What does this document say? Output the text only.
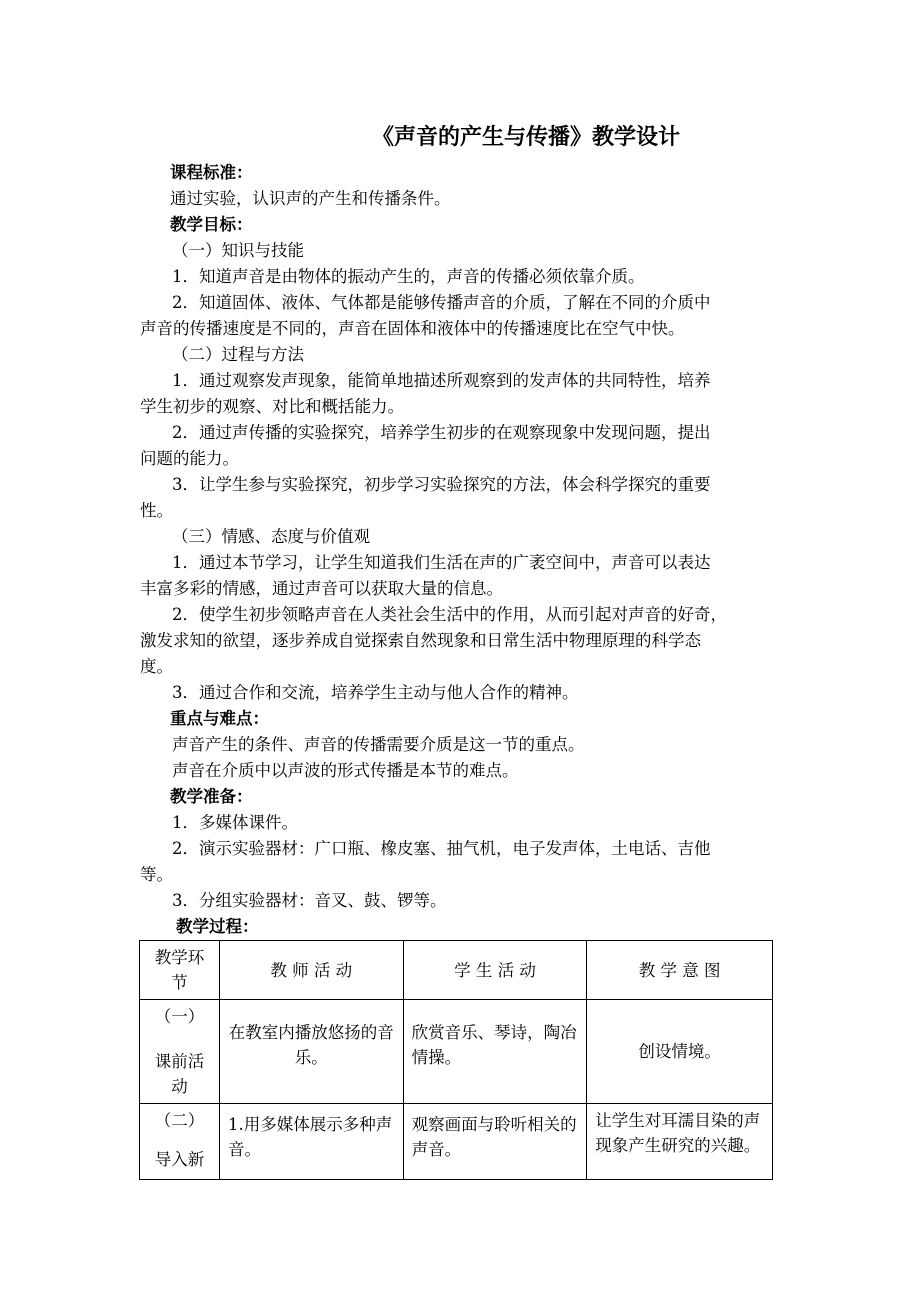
《声音的产生与传播》教学设计
课程标准：
通过实验，认识声的产生和传播条件。
教学目标：
（一）知识与技能
1．知道声音是由物体的振动产生的，声音的传播必须依靠介质。
2．知道固体、液体、气体都是能够传播声音的介质，了解在不同的介质中
声音的传播速度是不同的，声音在固体和液体中的传播速度比在空气中快。
（二）过程与方法
1．通过观察发声现象，能简单地描述所观察到的发声体的共同特性，培养
学生初步的观察、对比和概括能力。
2．通过声传播的实验探究，培养学生初步的在观察现象中发现问题，提出
问题的能力。
3．让学生参与实验探究，初步学习实验探究的方法，体会科学探究的重要
性。
（三）情感、态度与价值观
1．通过本节学习，让学生知道我们生活在声的广袤空间中，声音可以表达
丰富多彩的情感，通过声音可以获取大量的信息。
2．使学生初步领略声音在人类社会生活中的作用，从而引起对声音的好奇，
激发求知的欲望，逐步养成自觉探索自然现象和日常生活中物理原理的科学态
度。
3．通过合作和交流，培养学生主动与他人合作的精神。
重点与难点：
声音产生的条件、声音的传播需要介质是这一节的重点。
声音在介质中以声波的形式传播是本节的难点。
教学准备：
1．多媒体课件。
2．演示实验器材：广口瓶、橡皮塞、抽气机，电子发声体，土电话、吉他
等。
3．分组实验器材：音叉、鼓、锣等。
教学过程：
教学环节	教 师 活 动	学 生 活 动	教 学 意 图

（一）
课前活动	在教室内播放悠扬的音乐。	欣赏音乐、琴诗，陶冶情操。	创设情境。

（二）
导入新	1.用多媒体展示多种声音。	观察画面与聆听相关的声音。	让学生对耳濡目染的声现象产生研究的兴趣。
